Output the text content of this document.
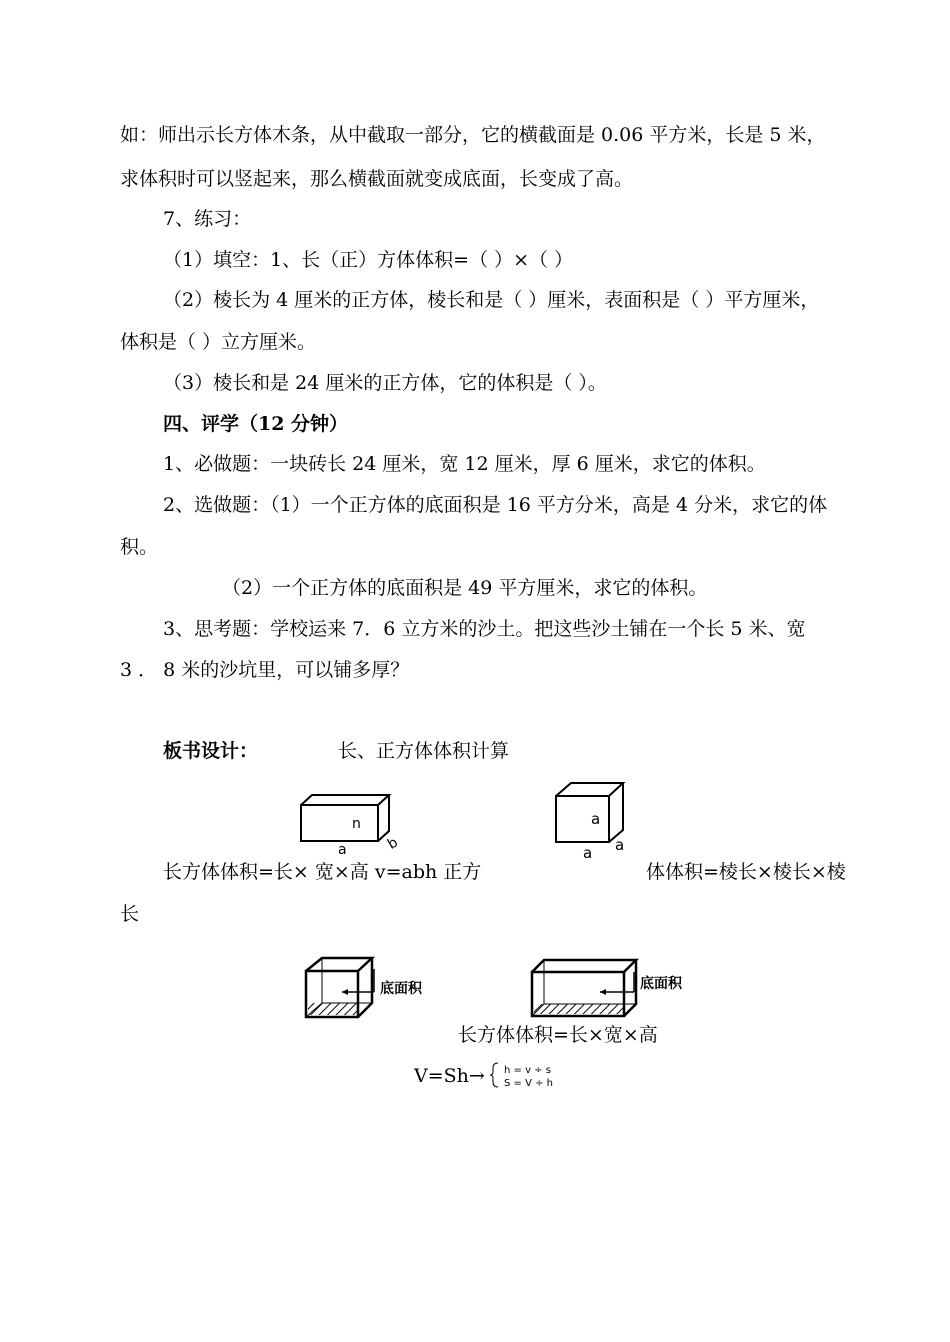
如：师出示长方体木条，从中截取一部分，它的横截面是 0.06 平方米，长是 5 米，
求体积时可以竖起来，那么横截面就变成底面，长变成了高。
7、练习：
（1）填空：1、长（正）方体体积=（ ）×（ ）
（2）棱长为 4 厘米的正方体，棱长和是（ ）厘米，表面积是（ ）平方厘米，
体积是（ ）立方厘米。
（3）棱长和是 24 厘米的正方体，它的体积是（ ）。
四、评学（12 分钟）
1、必做题：一块砖长 24 厘米，宽 12 厘米，厚 6 厘米，求它的体积。
2、选做题：（1）一个正方体的底面积是 16 平方分米，高是 4 分米，求它的体
积。
（2）一个正方体的底面积是 49 平方厘米，求它的体积。
3、思考题：学校运来 7．6 立方米的沙土。把这些沙土铺在一个长 5 米、宽
3 ． 8 米的沙坑里，可以铺多厚？
板书设计：	长、正方体体积计算
n
a	b
a
a a
长方体体积=长× 宽×高 v=abh 正方	体体积=棱长×棱长×棱
长
底面积	底面积
长方体体积=长×宽×高
V=Sh→ h = v ÷ s
S = V ÷ h
